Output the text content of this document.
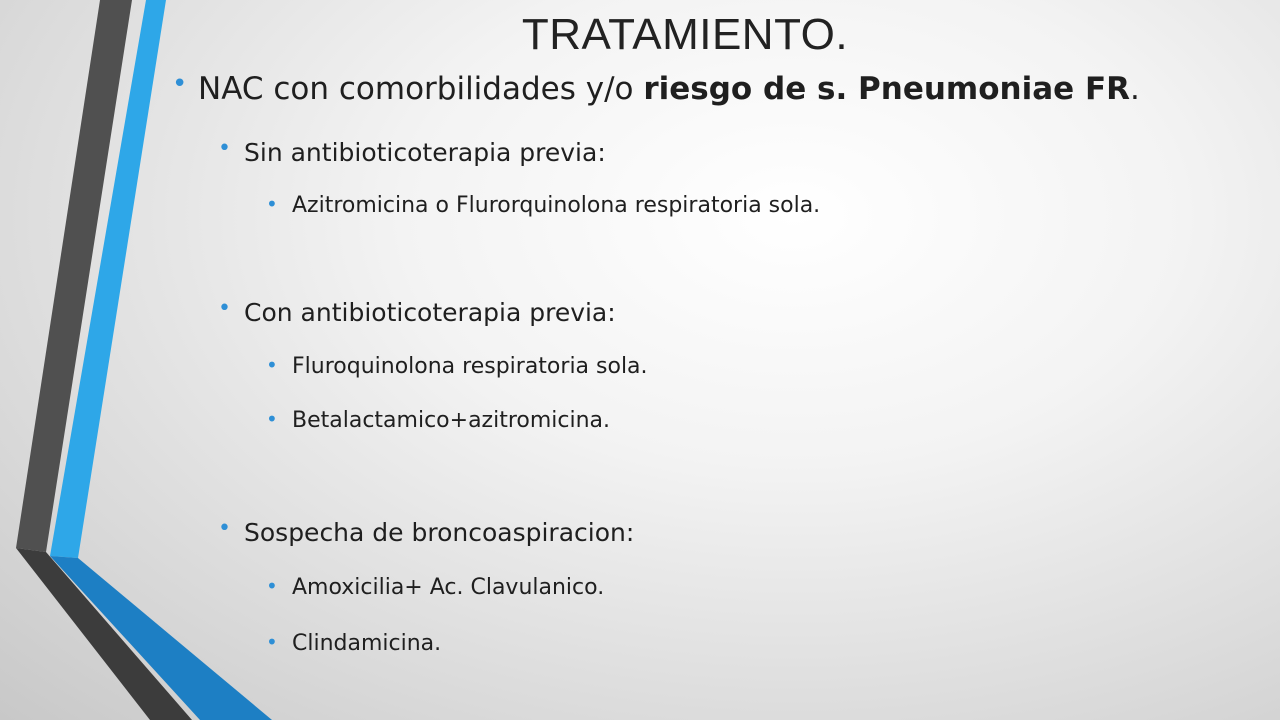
TRATAMIENTO.
• NAC con comorbilidades y/o riesgo de s. Pneumoniae FR.
• Sin antibioticoterapia previa:
• Azitromicina o Flurorquinolona respiratoria sola.
• Con antibioticoterapia previa:
• Fluroquinolona respiratoria sola.
• Betalactamico+azitromicina.
• Sospecha de broncoaspiracion:
• Amoxicilia+ Ac. Clavulanico.
• Clindamicina.
